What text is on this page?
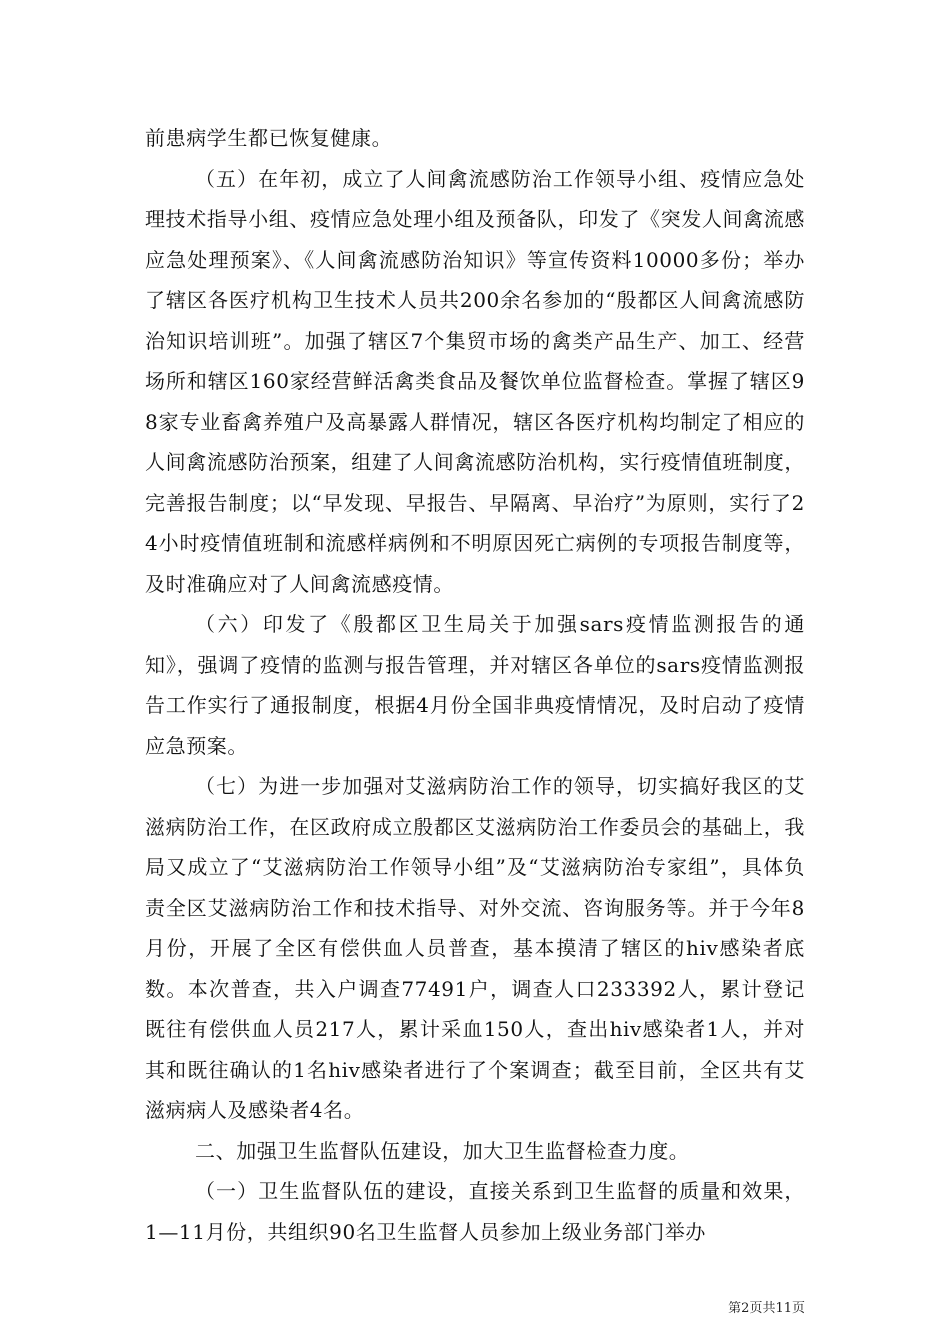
前患病学生都已恢复健康。

（五）在年初，成立了人间禽流感防治工作领导小组、疫情应急处理技术指导小组、疫情应急处理小组及预备队，印发了《突发人间禽流感应急处理预案》、《人间禽流感防治知识》等宣传资料10000多份；举办了辖区各医疗机构卫生技术人员共200余名参加的“殷都区人间禽流感防治知识培训班”。加强了辖区7个集贸市场的禽类产品生产、加工、经营场所和辖区160家经营鲜活禽类食品及餐饮单位监督检查。掌握了辖区98家专业畜禽养殖户及高暴露人群情况，辖区各医疗机构均制定了相应的人间禽流感防治预案，组建了人间禽流感防治机构，实行疫情值班制度，完善报告制度；以“早发现、早报告、早隔离、早治疗”为原则，实行了24小时疫情值班制和流感样病例和不明原因死亡病例的专项报告制度等，及时准确应对了人间禽流感疫情。

（六）印发了《殷都区卫生局关于加强sars疫情监测报告的通知》，强调了疫情的监测与报告管理，并对辖区各单位的sars疫情监测报告工作实行了通报制度，根据4月份全国非典疫情情况，及时启动了疫情应急预案。

（七）为进一步加强对艾滋病防治工作的领导，切实搞好我区的艾滋病防治工作，在区政府成立殷都区艾滋病防治工作委员会的基础上，我局又成立了“艾滋病防治工作领导小组”及“艾滋病防治专家组”，具体负责全区艾滋病防治工作和技术指导、对外交流、咨询服务等。并于今年8月份，开展了全区有偿供血人员普查，基本摸清了辖区的hiv感染者底数。本次普查，共入户调查77491户，调查人口233392人，累计登记既往有偿供血人员217人，累计采血150人，查出hiv感染者1人，并对其和既往确认的1名hiv感染者进行了个案调查；截至目前，全区共有艾滋病病人及感染者4名。

二、加强卫生监督队伍建设，加大卫生监督检查力度。

（一）卫生监督队伍的建设，直接关系到卫生监督的质量和效果，1—11月份，共组织90名卫生监督人员参加上级业务部门举办

第2页共11页
